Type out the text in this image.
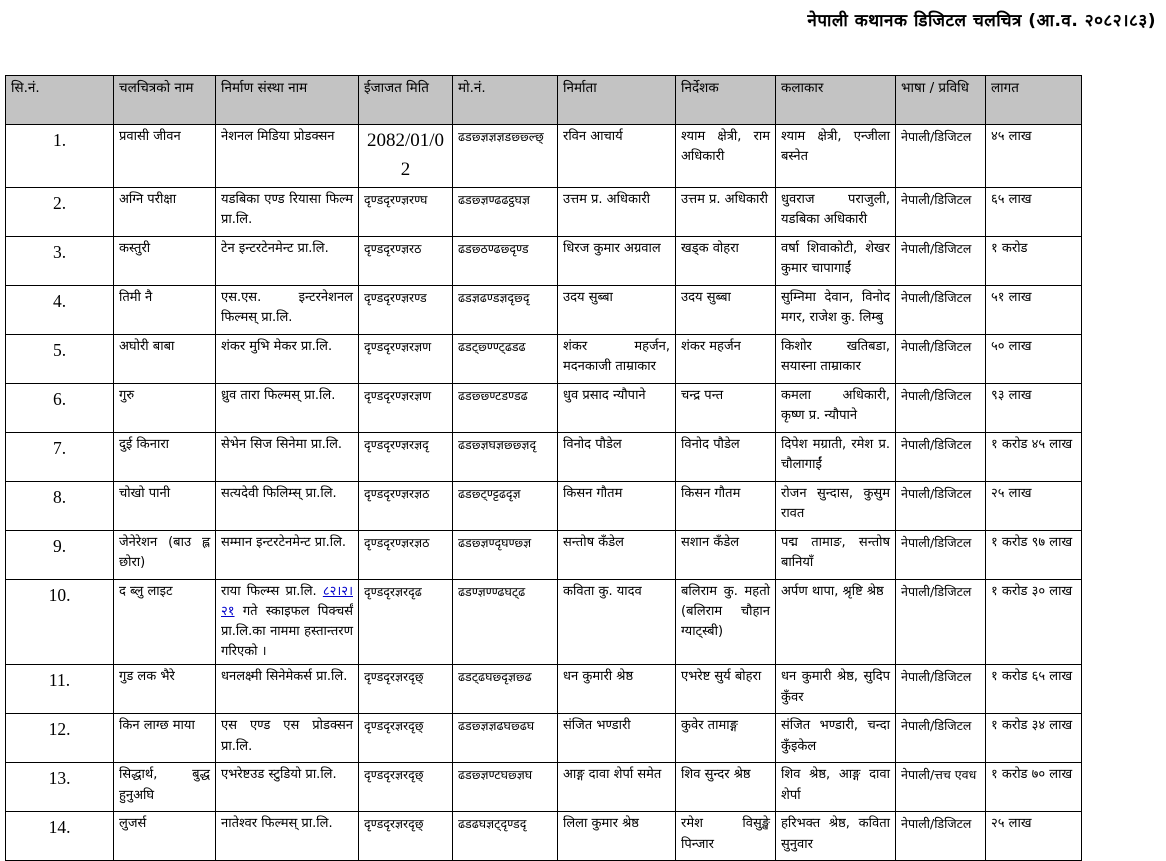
नेपाली कथानक डिजिटल चलचित्र (आ.व. २०८२।८३)
सि.नं.	चलचित्रको नाम	निर्माण संस्था नाम	ईजाजत मिति	मो.नं.	निर्माता	निर्देशक	कलाकार	भाषा / प्रविधि	लागत
1.	प्रवासी जीवन	नेशनल मिडिया प्रोडक्सन	2082/01/02	ढडछ्ज्ञज्ञज्ञडछ्छ्ल्छ्	रविन आचार्य	श्याम क्षेत्री, राम अधिकारी	श्याम क्षेत्री, एन्जीला बस्नेत	नेपाली/डिजिटल	४५ लाख
2.	अग्नि परीक्षा	यडबिका एण्ड रियासा फिल्म प्रा.लि.	दृण्डदृरण्ज्ञरण्घ	ढडछ्ज्ञण्ढढट्ठघज्ञ	उत्तम प्र. अधिकारी	उत्तम प्र. अधिकारी	धुवराज पराजुली, यडबिका अधिकारी	नेपाली/डिजिटल	६५ लाख
3.	कस्तुरी	टेन इन्टरटेनमेन्ट प्रा.लि.	दृण्डदृरण्ज्ञरठ	ढडछ्ठण्ढछ्दृण्ड	धिरज कुमार अग्रवाल	खड्क वोहरा	वर्षा शिवाकोटी, शेखर कुमार चापागाईं	नेपाली/डिजिटल	१ करोड
4.	तिमी नै	एस.एस. इन्टरनेशनल फिल्मस् प्रा.लि.	दृण्डदृरण्ज्ञरण्ड	ढडज्ञढण्डज्ञदृछ्दृ	उदय सुब्बा	उदय सुब्बा	सुम्निमा देवान, विनोद मगर, राजेश कु. लिम्बु	नेपाली/डिजिटल	५१ लाख
5.	अघोरी बाबा	शंकर मुभि मेकर प्रा.लि.	दृण्डदृरण्ज्ञरज्ञण	ढडट्छ्ण्ण्ट्ढडढ	शंकर महर्जन, मदनकाजी ताम्राकार	शंकर महर्जन	किशोर खतिबडा, सयास्ना ताम्राकार	नेपाली/डिजिटल	५० लाख
6.	गुरु	ध्रुव तारा फिल्मस् प्रा.लि.	दृण्डदृरण्ज्ञरज्ञण	ढडछ्छ्ण्टडण्डढ	धुव प्रसाद न्यौपाने	चन्द्र पन्त	कमला अधिकारी, कृष्ण प्र. न्यौपाने	नेपाली/डिजिटल	९३ लाख
7.	दुई किनारा	सेभेन सिज सिनेमा प्रा.लि.	दृण्डदृरण्ज्ञरज्ञदृ	ढडछ्ज्ञघज्ञछ्छ्ज्ञदृ	विनोद पौडेल	विनोद पौडेल	दिपेश मग्राती, रमेश प्र. चौलागाईं	नेपाली/डिजिटल	१ करोड ४५ लाख
8.	चोखो पानी	सत्यदेवी फिलिम्स् प्रा.लि.	दृण्डदृरण्ज्ञरज्ञठ	ढडछ्ट्ण्ट्टढदृज्ञ	किसन गौतम	किसन गौतम	रोजन सुन्दास, कुसुम रावत	नेपाली/डिजिटल	२५ लाख
9.	जेनेरेशन (बाउ ह्ल छोरा)	सम्मान इन्टरटेनमेन्ट प्रा.लि.	दृण्डदृरण्ज्ञरज्ञठ	ढडछ्ज्ञण्दृघण्छ्ज्ञ	सन्तोष कँडेल	सशान कँडेल	पद्म तामाङ, सन्तोष बानियाँ	नेपाली/डिजिटल	१ करोड ९७ लाख
10.	द ब्लु लाइट	राया फिल्म्स प्रा.लि. ८२।२।२१ गते स्काइफल पिक्चर्सं प्रा.लि.का नाममा हस्तान्तरण गरिएको ।	दृण्डदृरज्ञरदृढ	ढडण्ज्ञण्ण्ढघट्ढ	कविता कु. यादव	बलिराम कु. महतो (बलिराम चौहान ग्याट्स्बी)	अर्पण थापा, श्रृष्टि श्रेष्ठ	नेपाली/डिजिटल	१ करोड ३० लाख
11.	गुड लक भैरे	धनलक्ष्मी सिनेमेकर्स प्रा.लि.	दृण्डदृरज्ञरदृछ्	ढडट्ढघछ्दृज्ञछ्ढ	धन कुमारी श्रेष्ठ	एभरेष्ट सुर्य बोहरा	धन कुमारी श्रेष्ठ, सुदिप कुँवर	नेपाली/डिजिटल	१ करोड ६५ लाख
12.	किन लाग्छ माया	एस एण्ड एस प्रोडक्सन प्रा.लि.	दृण्डदृरज्ञरदृछ्	ढडछ्ज्ञज्ञढघछ्ढघ	संजित भण्डारी	कुवेर तामाङ्ग	संजित भण्डारी, चन्दा कुँइकेल	नेपाली/डिजिटल	१ करोड ३४ लाख
13.	सिद्धार्थ, बुद्ध हुनुअघि	एभरेष्टउड स्टुडियो प्रा.लि.	दृण्डदृरज्ञरदृछ्	ढडछ्ज्ञण्टघछ्ज्ञघ	आङ्ग दावा शेर्पा समेत	शिव सुन्दर श्रेष्ठ	शिव श्रेष्ठ, आङ्ग दावा शेर्पा	नेपाली/त्तच एवध	१ करोड ७० लाख
14.	लुजर्स	नातेश्वर फिल्मस् प्रा.लि.	दृण्डदृरज्ञरदृछ्	ढडढघज्ञट्दृण्डदृ	लिला कुमार श्रेष्ठ	रमेश विसुङ्खे पिन्जार	हरिभक्त श्रेष्ठ, कविता सुनुवार	नेपाली/डिजिटल	२५ लाख
